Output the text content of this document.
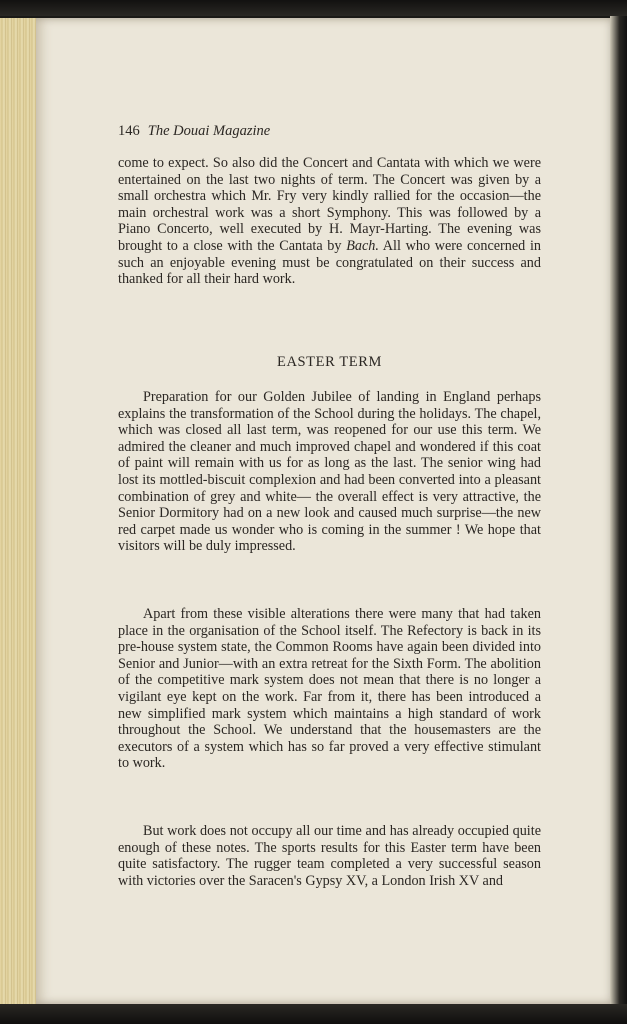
146 The Douai Magazine

come to expect. So also did the Concert and Cantata with which we were entertained on the last two nights of term. The Concert was given by a small orchestra which Mr. Fry very kindly rallied for the occasion—the main orchestral work was a short Symphony. This was followed by a Piano Concerto, well executed by H. Mayr-Harting. The evening was brought to a close with the Cantata by Bach. All who were concerned in such an enjoyable evening must be congratulated on their success and thanked for all their hard work.

EASTER TERM

Preparation for our Golden Jubilee of landing in England perhaps explains the transformation of the School during the holidays. The chapel, which was closed all last term, was reopened for our use this term. We admired the cleaner and much improved chapel and wondered if this coat of paint will remain with us for as long as the last. The senior wing had lost its mottled-biscuit complexion and had been converted into a pleasant combination of grey and white— the overall effect is very attractive, the Senior Dormitory had on a new look and caused much surprise—the new red carpet made us wonder who is coming in the summer ! We hope that visitors will be duly impressed.

Apart from these visible alterations there were many that had taken place in the organisation of the School itself. The Refectory is back in its pre-house system state, the Common Rooms have again been divided into Senior and Junior—with an extra retreat for the Sixth Form. The abolition of the competitive mark system does not mean that there is no longer a vigilant eye kept on the work. Far from it, there has been introduced a new simplified mark system which maintains a high standard of work throughout the School. We understand that the housemasters are the executors of a system which has so far proved a very effective stimulant to work.

But work does not occupy all our time and has already occupied quite enough of these notes. The sports results for this Easter term have been quite satisfactory. The rugger team completed a very successful season with victories over the Saracen's Gypsy XV, a London Irish XV and
